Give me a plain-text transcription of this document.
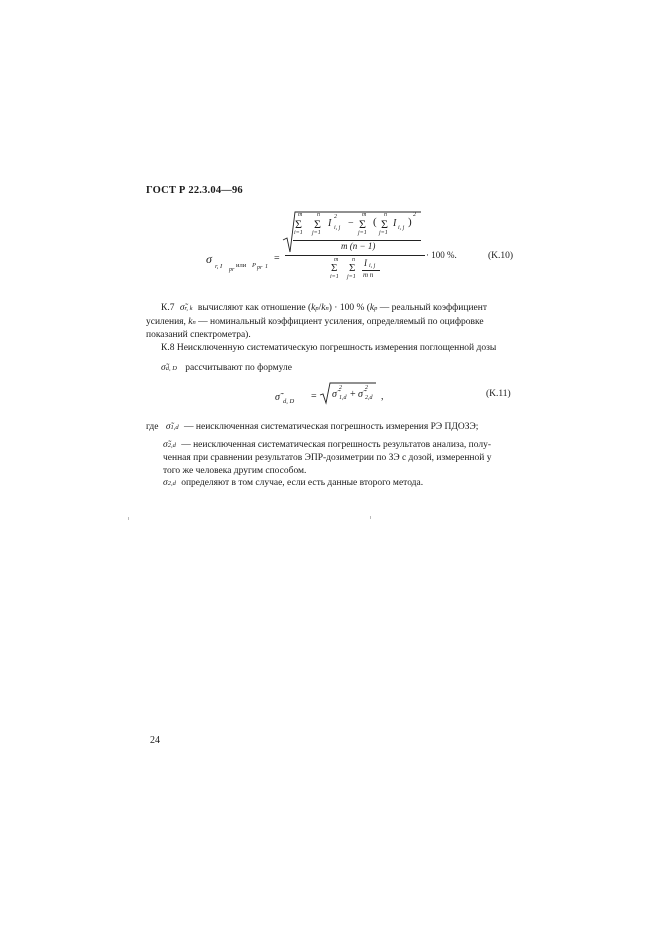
ГОСТ Р 22.3.04—96
σ
r, I pr
или P pr 1
=
m
Σ
i=1
n
Σ
j=1
I
2
i, j −
m
Σ
j=1
(
n
Σ
j=1
I i, j )
2
m (n − 1)
m
Σ
i=1
n
Σ
j=1
I i, j
m n
· 100 %.	(K.10)
К.7 σ̃r, k вычисляют как отношение (kp/kn) · 100 % (kp — реальный коэффициент
усиления, kn — номинальный коэффициент усиления, определяемый по оцифровке
показаний спектрометра).
К.8 Неисключенную систематическую погрешность измерения поглощенной дозы
σ̃d, D рассчитывают по формуле
σ̃ d, D = σ̃
2
1,d + σ̃
2
2,d ,	(K.11)
где σ̃1,d — неисключенная систематическая погрешность измерения РЭ ПДОЗЭ;
σ̃2,d — неисключенная систематическая погрешность результатов анализа, полу-
ченная при сравнении результатов ЭПР-дозиметрии по ЗЭ с дозой, измеренной у
того же человека другим способом.
σ2,d определяют в том случае, если есть данные второго метода.
24
